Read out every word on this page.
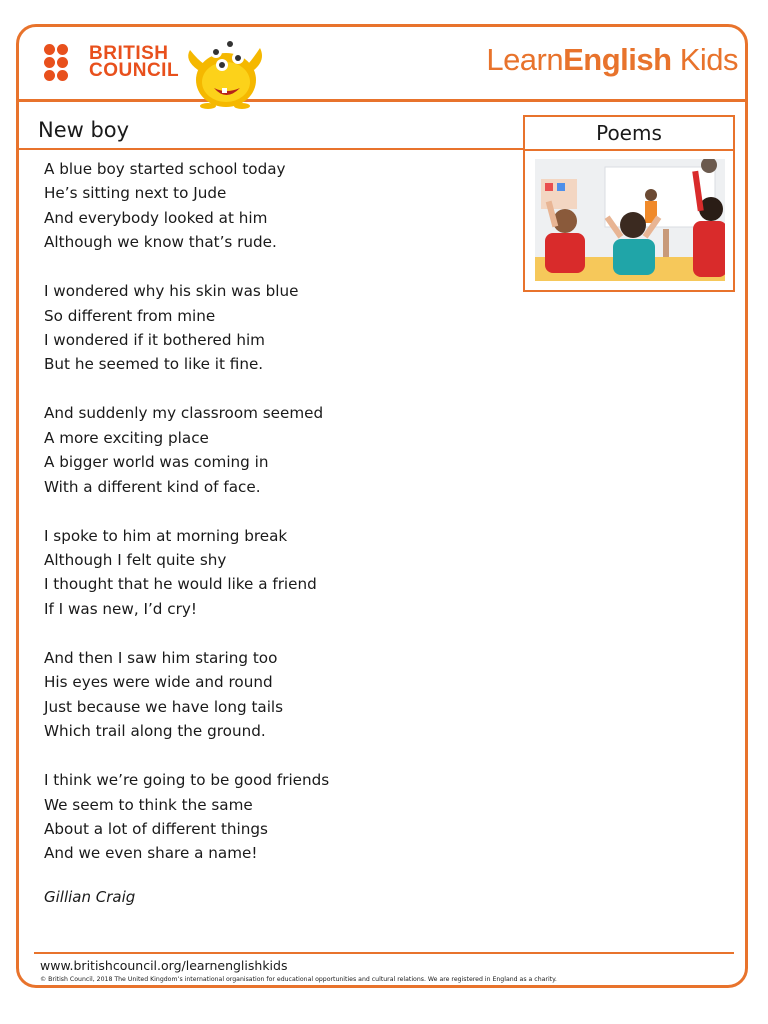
BRITISH
COUNCIL	LearnEnglish Kids
New boy	Poems
A blue boy started school today
He’s sitting next to Jude
And everybody looked at him
Although we know that’s rude.
I wondered why his skin was blue
So different from mine
I wondered if it bothered him
But he seemed to like it fine.
And suddenly my classroom seemed
A more exciting place
A bigger world was coming in
With a different kind of face.
I spoke to him at morning break
Although I felt quite shy
I thought that he would like a friend
If I was new, I’d cry!
And then I saw him staring too
His eyes were wide and round
Just because we have long tails
Which trail along the ground.
I think we’re going to be good friends
We seem to think the same
About a lot of different things
And we even share a name!
Gillian Craig
www.britishcouncil.org/learnenglishkids
© British Council, 2018 The United Kingdom’s international organisation for educational opportunities and cultural relations. We are registered in England as a charity.
